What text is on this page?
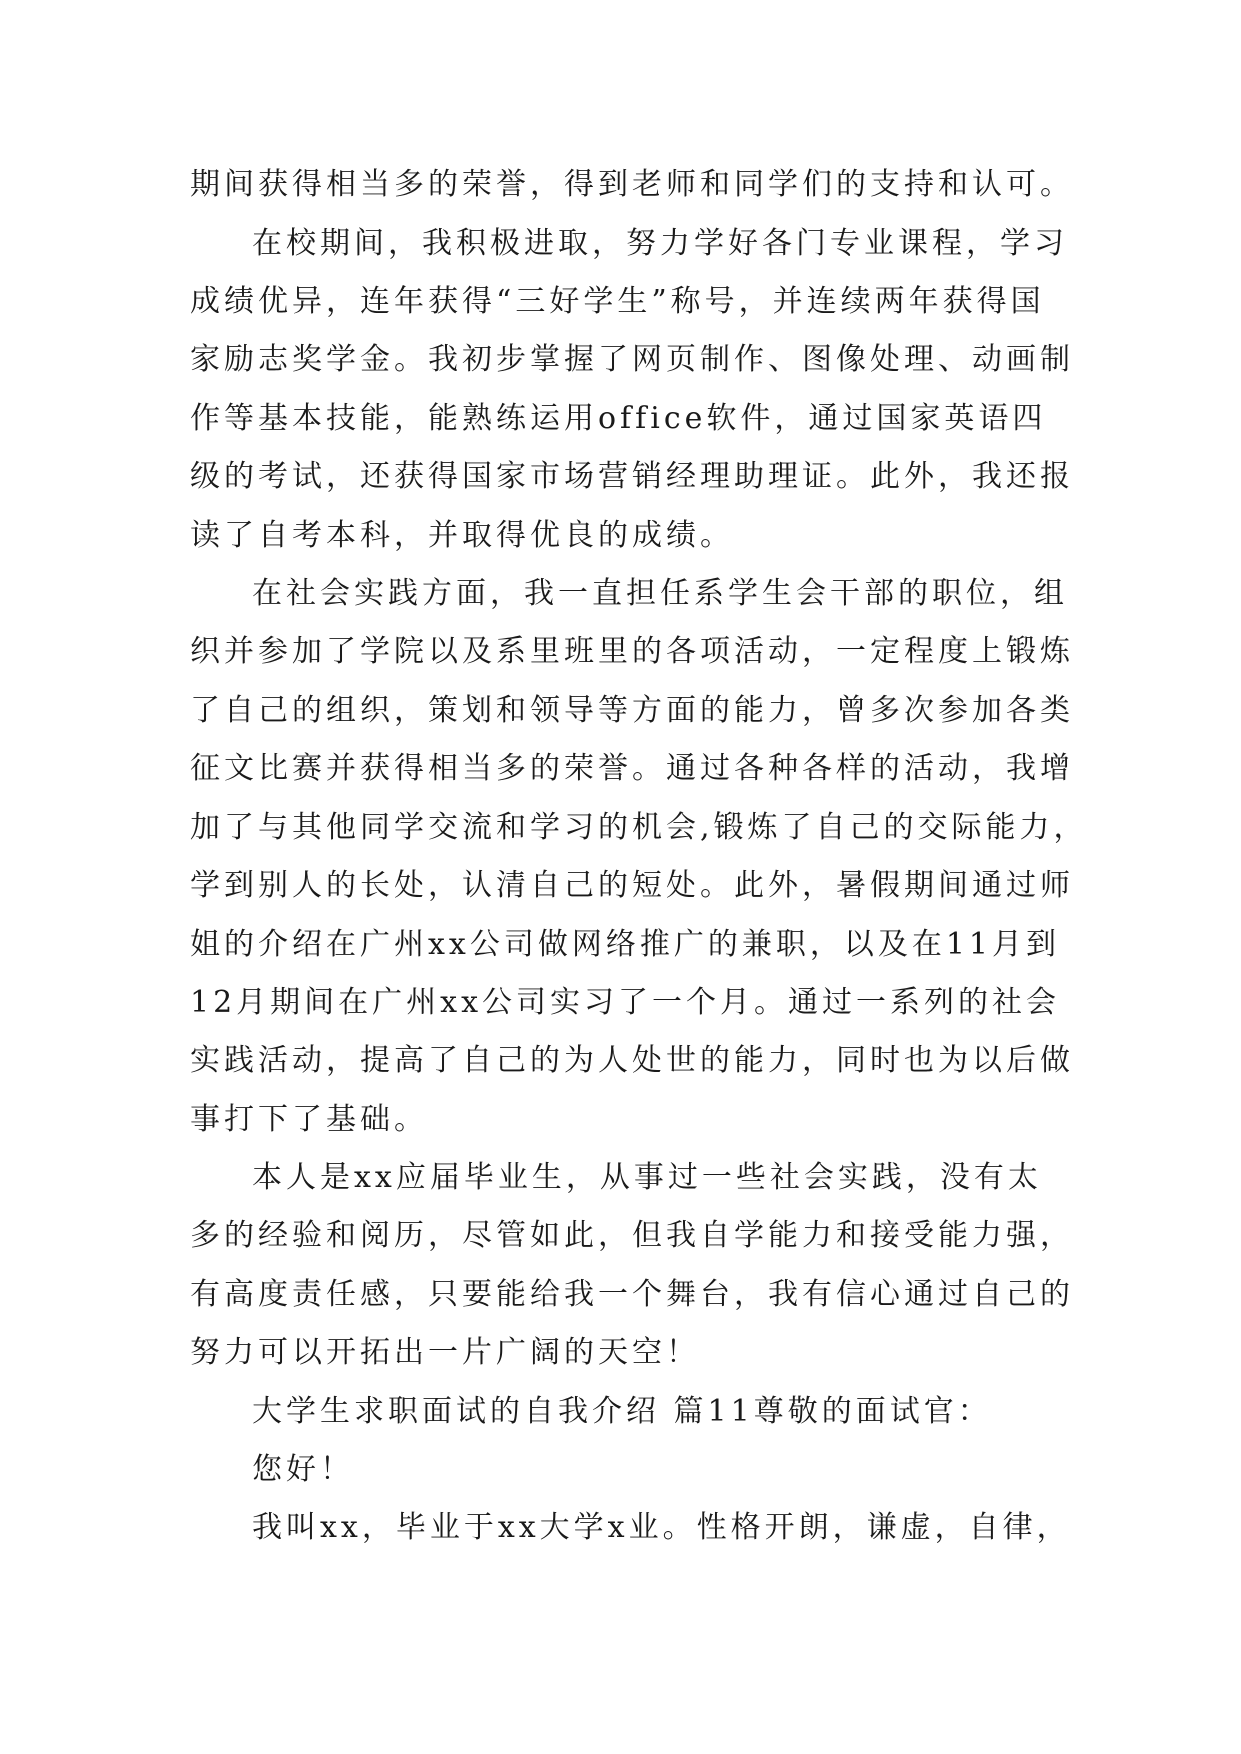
期间获得相当多的荣誉，得到老师和同学们的支持和认可。
在校期间，我积极进取，努力学好各门专业课程，学习
成绩优异，连年获得“三好学生”称号，并连续两年获得国
家励志奖学金。我初步掌握了网页制作、图像处理、动画制
作等基本技能，能熟练运用office软件，通过国家英语四
级的考试，还获得国家市场营销经理助理证。此外，我还报
读了自考本科，并取得优良的成绩。
在社会实践方面，我一直担任系学生会干部的职位，组
织并参加了学院以及系里班里的各项活动，一定程度上锻炼
了自己的组织，策划和领导等方面的能力，曾多次参加各类
征文比赛并获得相当多的荣誉。通过各种各样的活动，我增
加了与其他同学交流和学习的机会,锻炼了自己的交际能力，
学到别人的长处，认清自己的短处。此外，暑假期间通过师
姐的介绍在广州xx公司做网络推广的兼职，以及在11月到
12月期间在广州xx公司实习了一个月。通过一系列的社会
实践活动，提高了自己的为人处世的能力，同时也为以后做
事打下了基础。
本人是xx应届毕业生，从事过一些社会实践，没有太
多的经验和阅历，尽管如此，但我自学能力和接受能力强，
有高度责任感，只要能给我一个舞台，我有信心通过自己的
努力可以开拓出一片广阔的天空！
大学生求职面试的自我介绍 篇11尊敬的面试官：
您好！
我叫xx，毕业于xx大学x业。性格开朗，谦虚，自律，
